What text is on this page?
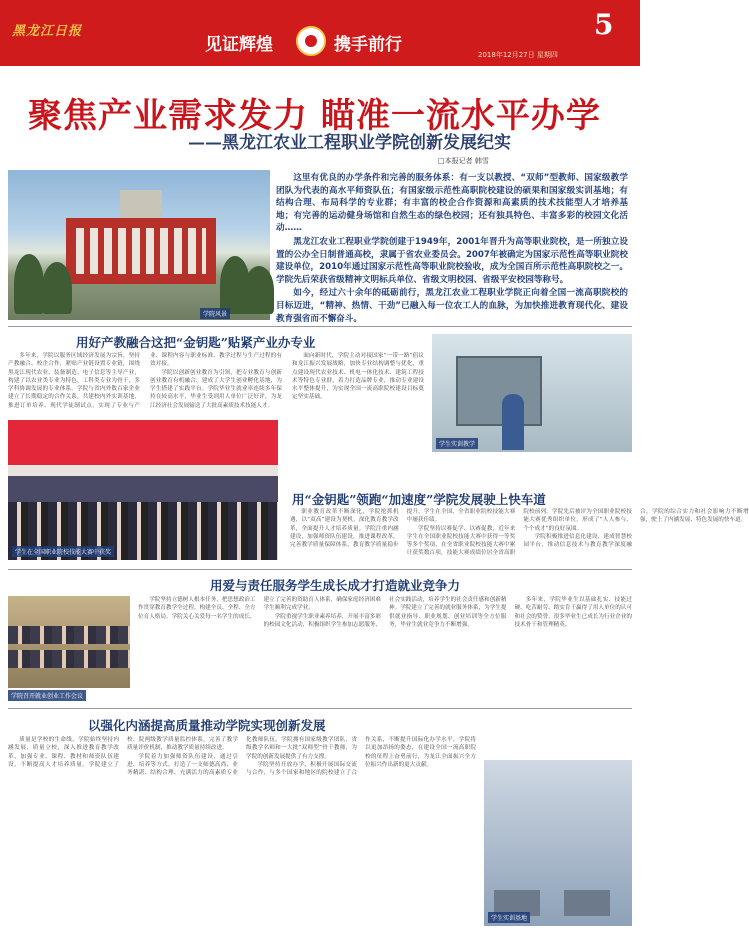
黑龙江日报
见证辉煌	携手前行
5
2018年12月27日 星期四
聚焦产业需求发力 瞄准一流水平办学
——黑龙江农业工程职业学院创新发展纪实
□本报记者 韩雪

这里有优良的办学条件和完善的服务体系：有一支以教授、“双师”型教师、国家级教学团队为代表的高水平师资队伍；有国家级示范性高职院校建设的硕果和国家级实训基地；有结构合理、布局科学的专业群；有丰富的校企合作资源和高素质的技术技能型人才培养基地；有完善的运动健身场馆和自然生态的绿色校园；还有独具特色、丰富多彩的校园文化活动……

黑龙江农业工程职业学院创建于1949年，2001年晋升为高等职业院校，是一所独立设置的公办全日制普通高校，隶属于省农业委员会。2007年被确定为国家示范性高等职业院校建设单位，2010年通过国家示范性高等职业院校验收，成为全国百所示范性高职院校之一。学院先后荣获省级精神文明标兵单位、省级文明校园、省级平安校园等称号。

如今，经过六十余年的砥砺前行，黑龙江农业工程职业学院正向着全国一流高职院校的目标迈进，“精神、热情、干劲”已融入每一位农工人的血脉，为加快推进教育现代化、建设教育强省而不懈奋斗。

用好产教融合这把“金钥匙”贴紧产业办专业

多年来，学院以服务区域经济发展为宗旨，坚持产教融合、校企合作，紧贴产业链设置专业链，围绕黑龙江现代农业、装备制造、电子信息等主导产业，构建了以农业类专业为特色，工科类专业为骨干，多学科协调发展的专业体系。学院与省内外数百家企业建立了长期稳定的合作关系，共建校内外实训基地，推进订单培养、现代学徒制试点，实现了专业与产业、课程内容与职业标准、教学过程与生产过程的有效对接。

学院以创新创业教育为引领，把专业教育与创新创业教育有机融合，建成了大学生创业孵化基地，为学生搭建了实践平台。学院毕业生就业率连续多年保持在较高水平，毕业生受到用人单位广泛好评，为龙江经济社会发展输送了大批高素质技术技能人才。

面向新时代，学院主动对接国家“一带一路”倡议和龙江振兴发展战略，加快专业结构调整与优化，重点建设现代农业技术、机电一体化技术、建筑工程技术等特色专业群，着力打造品牌专业，推动专业建设水平整体提升，为实现全国一流高职院校建设目标奠定坚实基础。

学生实训教学
学生在全国职业院校技能大赛中获奖
用“金钥匙”领跑“加速度”学院发展驶上快车道

职业教育改革不断深化，学院抢抓机遇，以“双高”建设为契机，深化教育教学改革，全面提升人才培养质量。学院注重内涵建设，加强师资队伍建设，推进课程改革，完善教学质量保障体系，教育教学质量稳步提升，学生在全国、全省职业院校技能大赛中屡获佳绩。

学院坚持以赛促学、以赛促教，近年来学生在全国职业院校技能大赛中获得一等奖等多个奖项，在全省职业院校技能大赛中累计获奖数百项，技能大赛成绩位居全省高职院校前列。学院先后被评为全国职业院校技能大赛优秀组织单位，形成了“人人参与、个个成才”的良好氛围。

学院积极推进信息化建设，建成智慧校园平台，推动信息技术与教育教学深度融合，学院的综合实力和社会影响力不断增强，驶上了内涵发展、特色发展的快车道。

用爱与责任服务学生成长成才打造就业竞争力
学院召开就业创业工作会议

学院坚持立德树人根本任务，把思想政治工作贯穿教育教学全过程，构建全员、全程、全方位育人格局。学院关心关爱每一名学生的成长，建立了完善的资助育人体系，确保家庭经济困难学生顺利完成学业。

学院重视学生职业素养培养，开展丰富多彩的校园文化活动，积极组织学生参加志愿服务、社会实践活动，培养学生的社会责任感和创新精神。学院建立了完善的就业服务体系，为学生提供就业指导、职业规划、创业培训等全方位服务，毕业生就业竞争力不断增强。

多年来，学院毕业生以基础扎实、技能过硬、吃苦耐劳、踏实肯干赢得了用人单位的认可和社会的赞誉，很多毕业生已成长为行业企业的技术骨干和管理精英。

以强化内涵提高质量推动学院实现创新发展

质量是学校的生命线。学院始终坚持内涵发展、质量立校，深入推进教育教学改革，加强专业、课程、教材和师资队伍建设，不断提高人才培养质量。学院建立了校、院两级教学质量监控体系，完善了教学质量评价机制，推动教学质量持续改进。

学院着力加强师资队伍建设，通过引进、培养等方式，打造了一支师德高尚、业务精湛、结构合理、充满活力的高素质专业化教师队伍。学院拥有国家级教学团队、省级教学名师和一大批“双师型”骨干教师，为学院的创新发展提供了有力支撑。

学院坚持开放办学，积极开展国际交流与合作，与多个国家和地区的院校建立了合作关系，不断提升国际化办学水平。学院将以更加昂扬的姿态，在建设全国一流高职院校的征程上奋勇前行，为龙江全面振兴全方位振兴作出新的更大贡献。

学生实训基地
学院风景
